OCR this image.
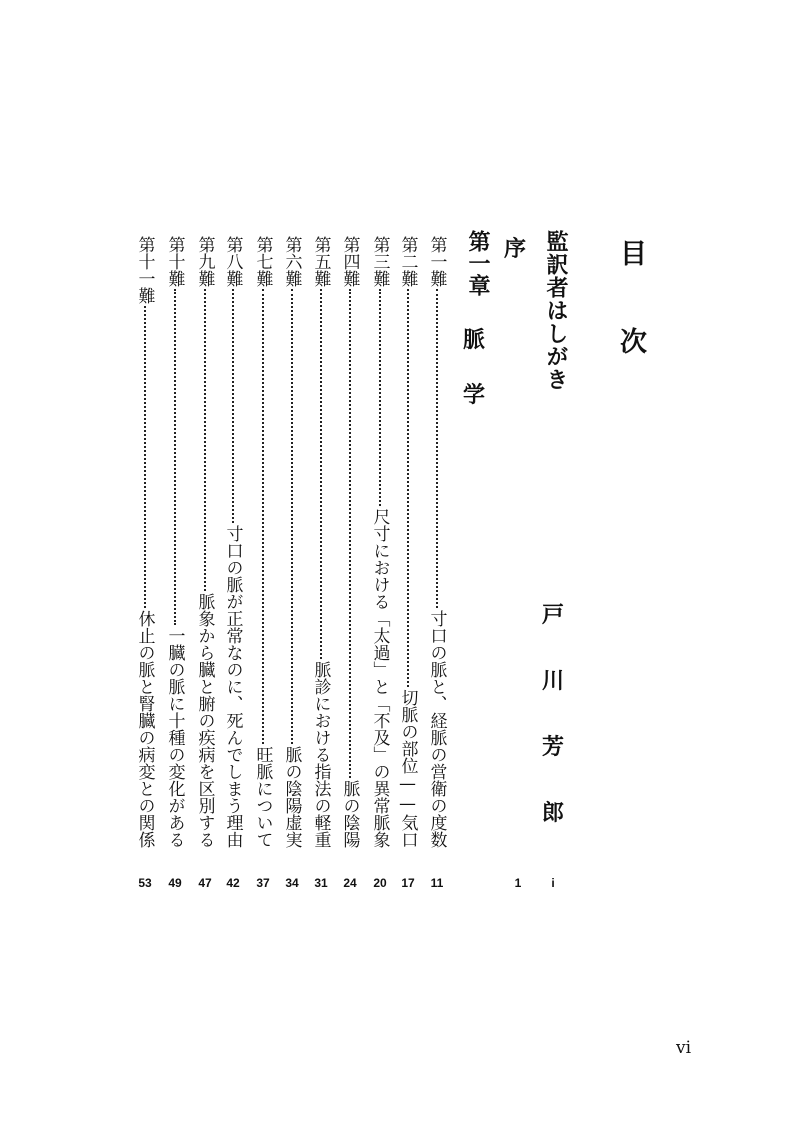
目
次
監訳者はしがき
戸
川
芳
郎
i
序
1
第一章
脈
学
第一難
寸口の脈と、経脈の営衛の度数
11
第二難
切脈の部位——気口
17
第三難
尺寸における「太過」と「不及」の異常脈象
20
第四難
脈の陰陽
24
第五難
脈診における指法の軽重
31
第六難
脈の陰陽虚実
34
第七難
旺脈について
37
第八難
寸口の脈が正常なのに、死んでしまう理由
42
第九難
脈象から臓と腑の疾病を区別する
47
第十難
一臓の脈に十種の変化がある
49
第十一難
休止の脈と腎臓の病変との関係
53
vi
